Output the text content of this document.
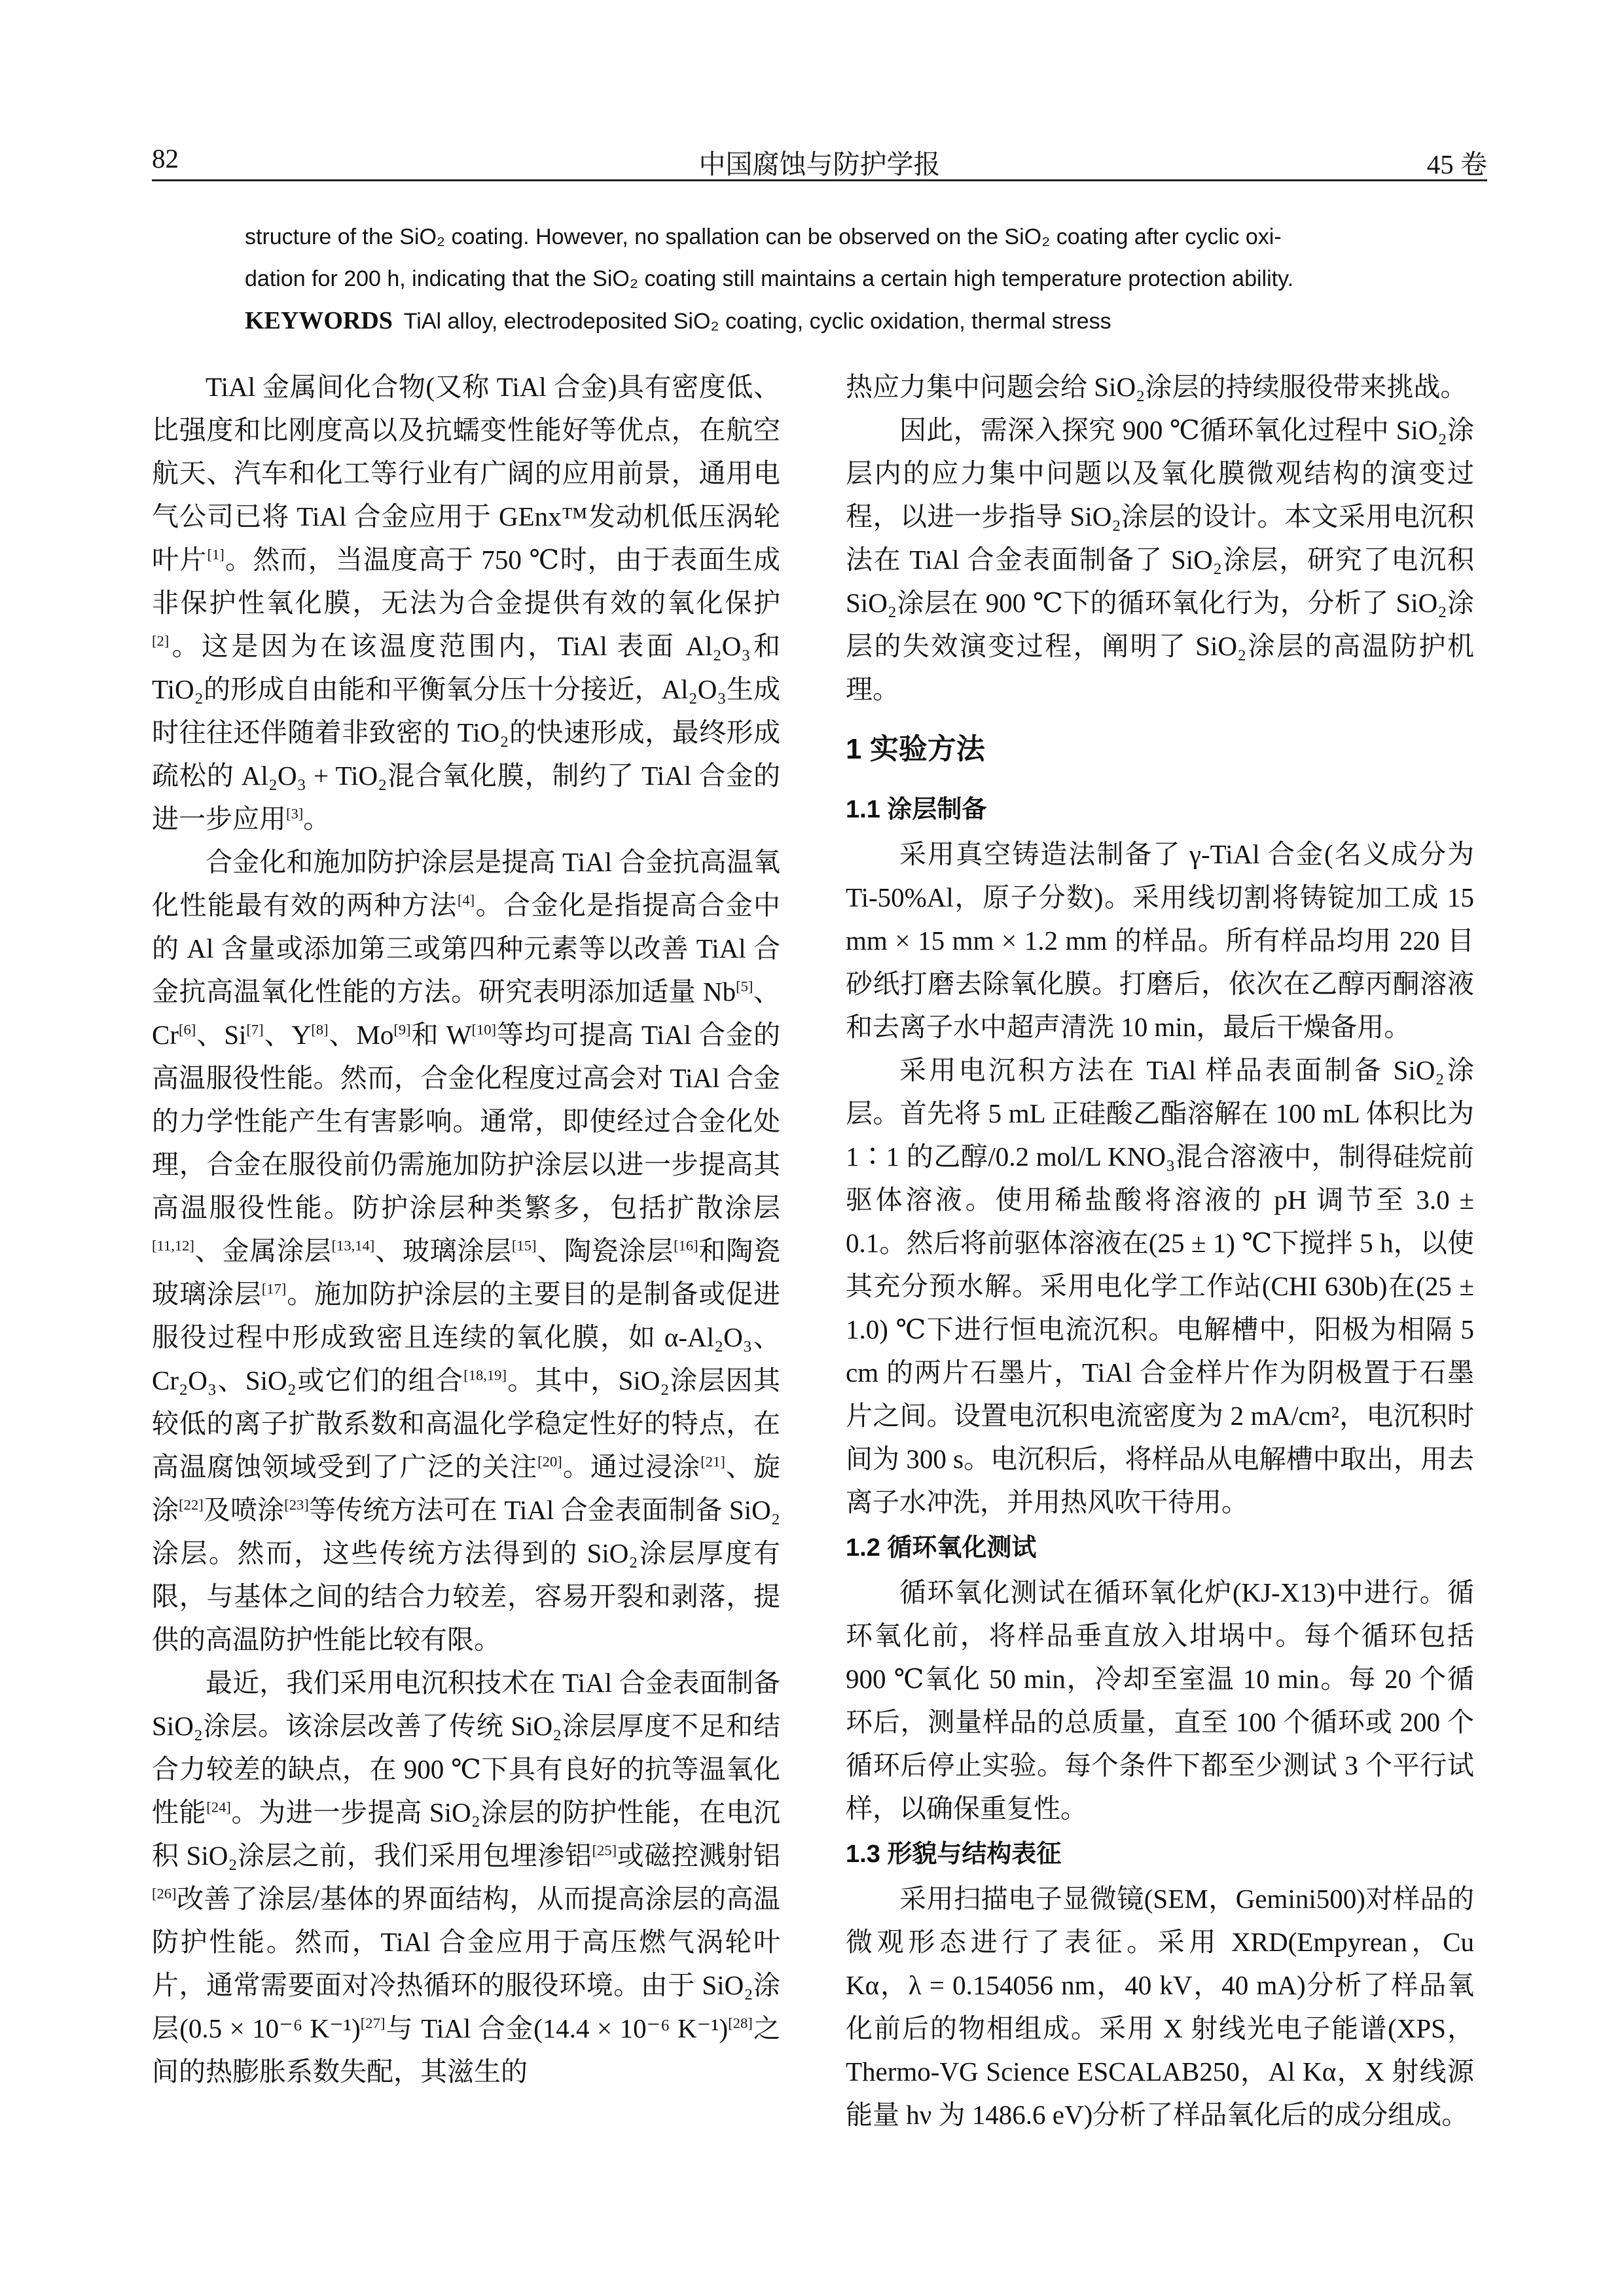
82	中国腐蚀与防护学报	45 卷

structure of the SiO₂ coating. However, no spallation can be observed on the SiO₂ coating after cyclic oxi-

dation for 200 h, indicating that the SiO₂ coating still maintains a certain high temperature protection ability.

KEYWORDS TiAl alloy, electrodeposited SiO₂ coating, cyclic oxidation, thermal stress

TiAl 金属间化合物(又称 TiAl 合金)具有密度低、比强度和比刚度高以及抗蠕变性能好等优点，在航空航天、汽车和化工等行业有广阔的应用前景，通用电气公司已将 TiAl 合金应用于 GEnx™发动机低压涡轮叶片[1]。然而，当温度高于 750 ℃时，由于表面生成非保护性氧化膜，无法为合金提供有效的氧化保护[2]。这是因为在该温度范围内，TiAl 表面 Al₂O₃和 TiO₂的形成自由能和平衡氧分压十分接近，Al₂O₃生成时往往还伴随着非致密的 TiO₂的快速形成，最终形成疏松的 Al₂O₃ + TiO₂混合氧化膜，制约了 TiAl 合金的进一步应用[3]。

合金化和施加防护涂层是提高 TiAl 合金抗高温氧化性能最有效的两种方法[4]。合金化是指提高合金中的 Al 含量或添加第三或第四种元素等以改善 TiAl 合金抗高温氧化性能的方法。研究表明添加适量 Nb[5]、Cr[6]、Si[7]、Y[8]、Mo[9]和 W[10]等均可提高 TiAl 合金的高温服役性能。然而，合金化程度过高会对 TiAl 合金的力学性能产生有害影响。通常，即使经过合金化处理，合金在服役前仍需施加防护涂层以进一步提高其高温服役性能。防护涂层种类繁多，包括扩散涂层[11,12]、金属涂层[13,14]、玻璃涂层[15]、陶瓷涂层[16]和陶瓷玻璃涂层[17]。施加防护涂层的主要目的是制备或促进服役过程中形成致密且连续的氧化膜，如 α-Al₂O₃、Cr₂O₃、SiO₂或它们的组合[18,19]。其中，SiO₂涂层因其较低的离子扩散系数和高温化学稳定性好的特点，在高温腐蚀领域受到了广泛的关注[20]。通过浸涂[21]、旋涂[22]及喷涂[23]等传统方法可在 TiAl 合金表面制备 SiO₂涂层。然而，这些传统方法得到的 SiO₂涂层厚度有限，与基体之间的结合力较差，容易开裂和剥落，提供的高温防护性能比较有限。

最近，我们采用电沉积技术在 TiAl 合金表面制备 SiO₂涂层。该涂层改善了传统 SiO₂涂层厚度不足和结合力较差的缺点，在 900 ℃下具有良好的抗等温氧化性能[24]。为进一步提高 SiO₂涂层的防护性能，在电沉积 SiO₂涂层之前，我们采用包埋渗铝[25]或磁控溅射铝[26]改善了涂层/基体的界面结构，从而提高涂层的高温防护性能。然而，TiAl 合金应用于高压燃气涡轮叶片，通常需要面对冷热循环的服役环境。由于 SiO₂涂层(0.5 × 10⁻⁶ K⁻¹)[27]与 TiAl 合金(14.4 × 10⁻⁶ K⁻¹)[28]之间的热膨胀系数失配，其滋生的

热应力集中问题会给 SiO₂涂层的持续服役带来挑战。

因此，需深入探究 900 ℃循环氧化过程中 SiO₂涂层内的应力集中问题以及氧化膜微观结构的演变过程，以进一步指导 SiO₂涂层的设计。本文采用电沉积法在 TiAl 合金表面制备了 SiO₂涂层，研究了电沉积 SiO₂涂层在 900 ℃下的循环氧化行为，分析了 SiO₂涂层的失效演变过程，阐明了 SiO₂涂层的高温防护机理。

1 实验方法
1.1 涂层制备

采用真空铸造法制备了 γ-TiAl 合金(名义成分为 Ti-50%Al，原子分数)。采用线切割将铸锭加工成 15 mm × 15 mm × 1.2 mm 的样品。所有样品均用 220 目砂纸打磨去除氧化膜。打磨后，依次在乙醇丙酮溶液和去离子水中超声清洗 10 min，最后干燥备用。

采用电沉积方法在 TiAl 样品表面制备 SiO₂涂层。首先将 5 mL 正硅酸乙酯溶解在 100 mL 体积比为 1∶1 的乙醇/0.2 mol/L KNO₃混合溶液中，制得硅烷前驱体溶液。使用稀盐酸将溶液的 pH 调节至 3.0 ± 0.1。然后将前驱体溶液在(25 ± 1) ℃下搅拌 5 h，以使其充分预水解。采用电化学工作站(CHI 630b)在(25 ± 1.0) ℃下进行恒电流沉积。电解槽中，阳极为相隔 5 cm 的两片石墨片，TiAl 合金样片作为阴极置于石墨片之间。设置电沉积电流密度为 2 mA/cm²，电沉积时间为 300 s。电沉积后，将样品从电解槽中取出，用去离子水冲洗，并用热风吹干待用。

1.2 循环氧化测试

循环氧化测试在循环氧化炉(KJ-X13)中进行。循环氧化前，将样品垂直放入坩埚中。每个循环包括 900 ℃氧化 50 min，冷却至室温 10 min。每 20 个循环后，测量样品的总质量，直至 100 个循环或 200 个循环后停止实验。每个条件下都至少测试 3 个平行试样，以确保重复性。

1.3 形貌与结构表征

采用扫描电子显微镜(SEM，Gemini500)对样品的微观形态进行了表征。采用 XRD(Empyrean，Cu Kα，λ = 0.154056 nm，40 kV，40 mA)分析了样品氧化前后的物相组成。采用 X 射线光电子能谱(XPS，Thermo-VG Science ESCALAB250，Al Kα，X 射线源能量 hν 为 1486.6 eV)分析了样品氧化后的成分组成。
